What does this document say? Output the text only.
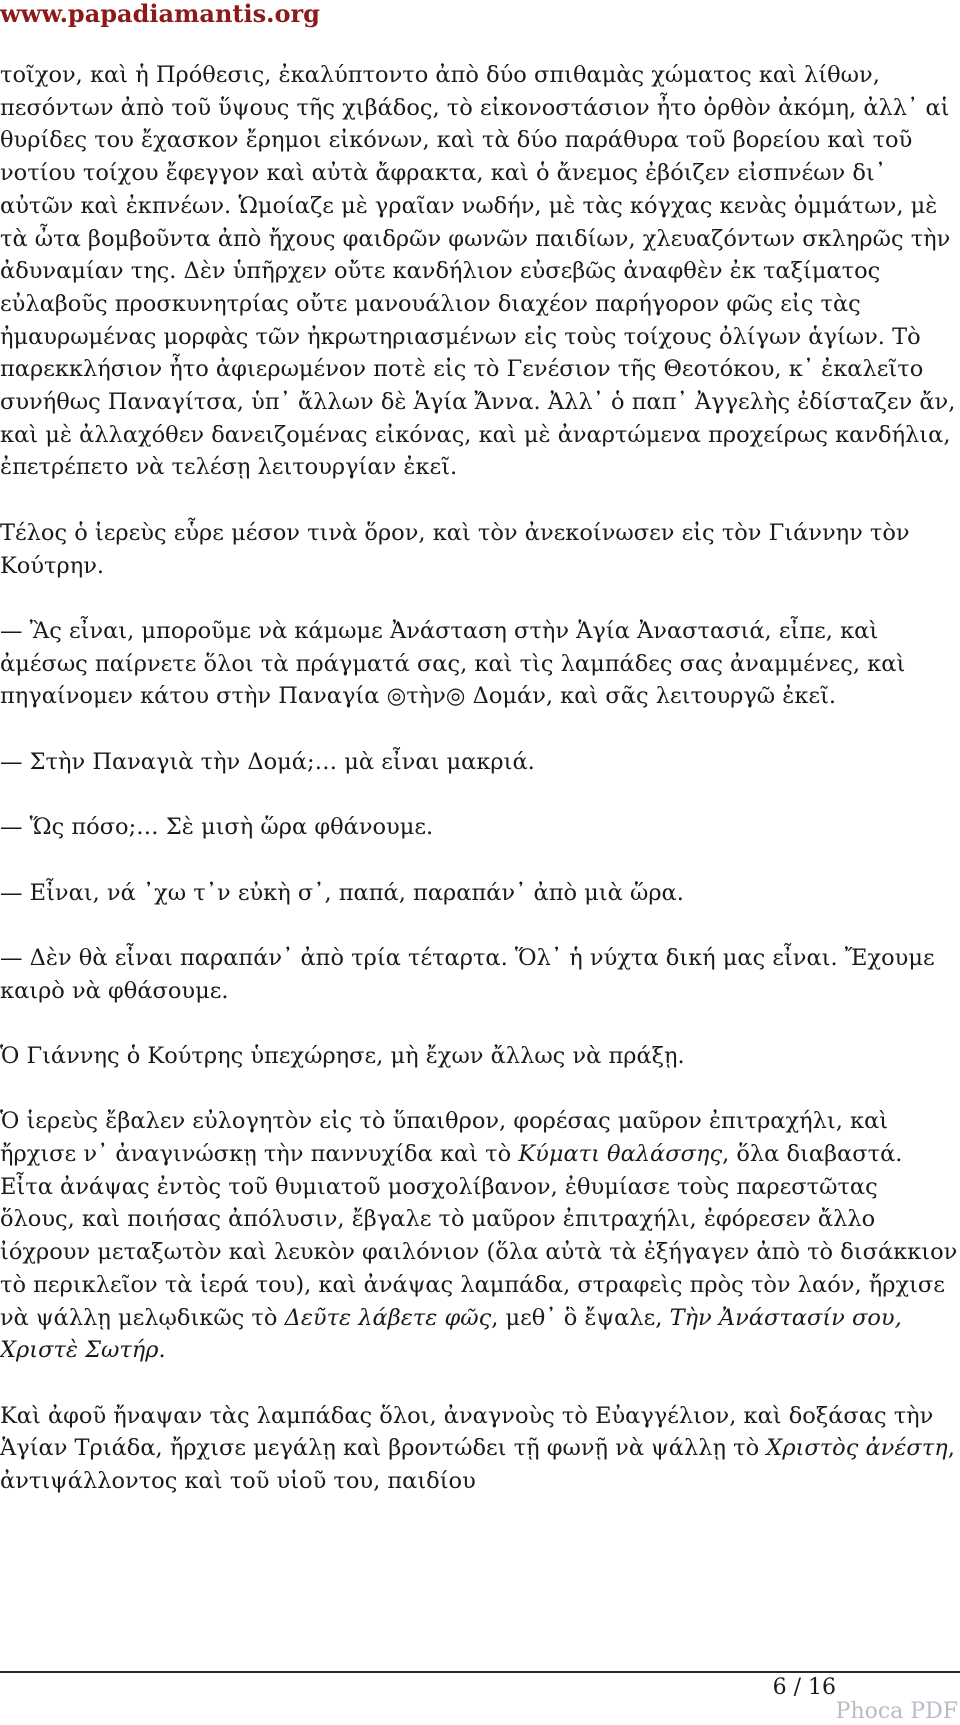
www.papadiamantis.org

τοῖχον, καὶ ἡ Πρόθεσις, ἐκαλύπτοντο ἀπὸ δύο σπιθαμὰς χώματος καὶ λίθων, πεσόντων ἀπὸ τοῦ ὕψους τῆς χιβάδος, τὸ εἰκονοστάσιον ἦτο ὀρθὸν ἀκόμη, ἀλλ᾽ αἱ θυρίδες του ἔχασκον ἔρημοι εἰκόνων, καὶ τὰ δύο παράθυρα τοῦ βορείου καὶ τοῦ νοτίου τοίχου ἔφεγγον καὶ αὐτὰ ἄφρακτα, καὶ ὁ ἄνεμος ἐβόιζεν εἰσπνέων δι᾽ αὐτῶν καὶ ἐκπνέων. Ὡμοίαζε μὲ γραῖαν νωδήν, μὲ τὰς κόγχας κενὰς ὀμμάτων, μὲ τὰ ὦτα βομβοῦντα ἀπὸ ἤχους φαιδρῶν φωνῶν παιδίων, χλευαζόντων σκληρῶς τὴν ἀδυναμίαν της. Δὲν ὑπῆρχεν οὔτε κανδήλιον εὐσεβῶς ἀναφθὲν ἐκ ταξίματος εὐλαβοῦς προσκυνητρίας οὔτε μανουάλιον διαχέον παρήγορον φῶς εἰς τὰς ἠμαυρωμένας μορφὰς τῶν ἠκρωτηριασμένων εἰς τοὺς τοίχους ὀλίγων ἁγίων. Τὸ παρεκκλήσιον ἦτο ἀφιερωμένον ποτὲ εἰς τὸ Γενέσιον τῆς Θεοτόκου, κ᾽ ἐκαλεῖτο συνήθως Παναγίτσα, ὑπ᾽ ἄλλων δὲ Ἁγία Ἄννα. Ἀλλ᾽ ὁ παπ᾽ Ἀγγελὴς ἐδίσταζεν ἄν, καὶ μὲ ἀλλαχόθεν δανειζομένας εἰκόνας, καὶ μὲ ἀναρτώμενα προχείρως κανδήλια, ἐπετρέπετο νὰ τελέσῃ λειτουργίαν ἐκεῖ.

Τέλος ὁ ἱερεὺς εὗρε μέσον τινὰ ὅρον, καὶ τὸν ἀνεκοίνωσεν εἰς τὸν Γιάννην τὸν Κούτρην.

— Ἂς εἶναι, μποροῦμε νὰ κάμωμε Ἀνάσταση στὴν Ἁγία Ἀναστασιά, εἶπε, καὶ ἀμέσως παίρνετε ὅλοι τὰ πράγματά σας, καὶ τὶς λαμπάδες σας ἀναμμένες, καὶ πηγαίνομεν κάτου στὴν Παναγία ◎τὴν◎ Δομάν, καὶ σᾶς λειτουργῶ ἐκεῖ.

— Στὴν Παναγιὰ τὴν Δομά;… μὰ εἶναι μακριά.

— Ὥς πόσο;… Σὲ μισὴ ὥρα φθάνουμε.

— Εἶναι, νά ᾽χω τ᾽ν εὐκὴ σ᾽, παπά, παραπάν᾽ ἀπὸ μιὰ ὥρα.

— Δὲν θὰ εἶναι παραπάν᾽ ἀπὸ τρία τέταρτα. Ὅλ᾽ ἡ νύχτα δική μας εἶναι. Ἔχουμε καιρὸ νὰ φθάσουμε.

Ὁ Γιάννης ὁ Κούτρης ὑπεχώρησε, μὴ ἔχων ἄλλως νὰ πράξῃ.

Ὁ ἱερεὺς ἔβαλεν εὐλογητὸν εἰς τὸ ὕπαιθρον, φορέσας μαῦρον ἐπιτραχήλι, καὶ ἤρχισε ν᾽ ἀναγινώσκῃ τὴν παννυχίδα καὶ τὸ Κύματι θαλάσσης, ὅλα διαβαστά. Εἶτα ἀνάψας ἐντὸς τοῦ θυμιατοῦ μοσχολίβανον, ἐθυμίασε τοὺς παρεστῶτας ὅλους, καὶ ποιήσας ἀπόλυσιν, ἔβγαλε τὸ μαῦρον ἐπιτραχήλι, ἐφόρεσεν ἄλλο ἰόχρουν μεταξωτὸν καὶ λευκὸν φαιλόνιον (ὅλα αὐτὰ τὰ ἐξήγαγεν ἀπὸ τὸ δισάκκιον τὸ περικλεῖον τὰ ἱερά του), καὶ ἀνάψας λαμπάδα, στραφεὶς πρὸς τὸν λαόν, ἤρχισε νὰ ψάλλῃ μελῳδικῶς τὸ Δεῦτε λάβετε φῶς, μεθ᾽ ὃ ἔψαλε, Τὴν Ἀνάστασίν σου, Χριστὲ Σωτήρ.

Καὶ ἀφοῦ ἤναψαν τὰς λαμπάδας ὅλοι, ἀναγνοὺς τὸ Εὐαγγέλιον, καὶ δοξάσας τὴν Ἁγίαν Τριάδα, ἤρχισε μεγάλῃ καὶ βροντώδει τῇ φωνῇ νὰ ψάλλῃ τὸ Χριστὸς ἀνέστη, ἀντιψάλλοντος καὶ τοῦ υἱοῦ του, παιδίου

6 / 16
Phoca PDF
